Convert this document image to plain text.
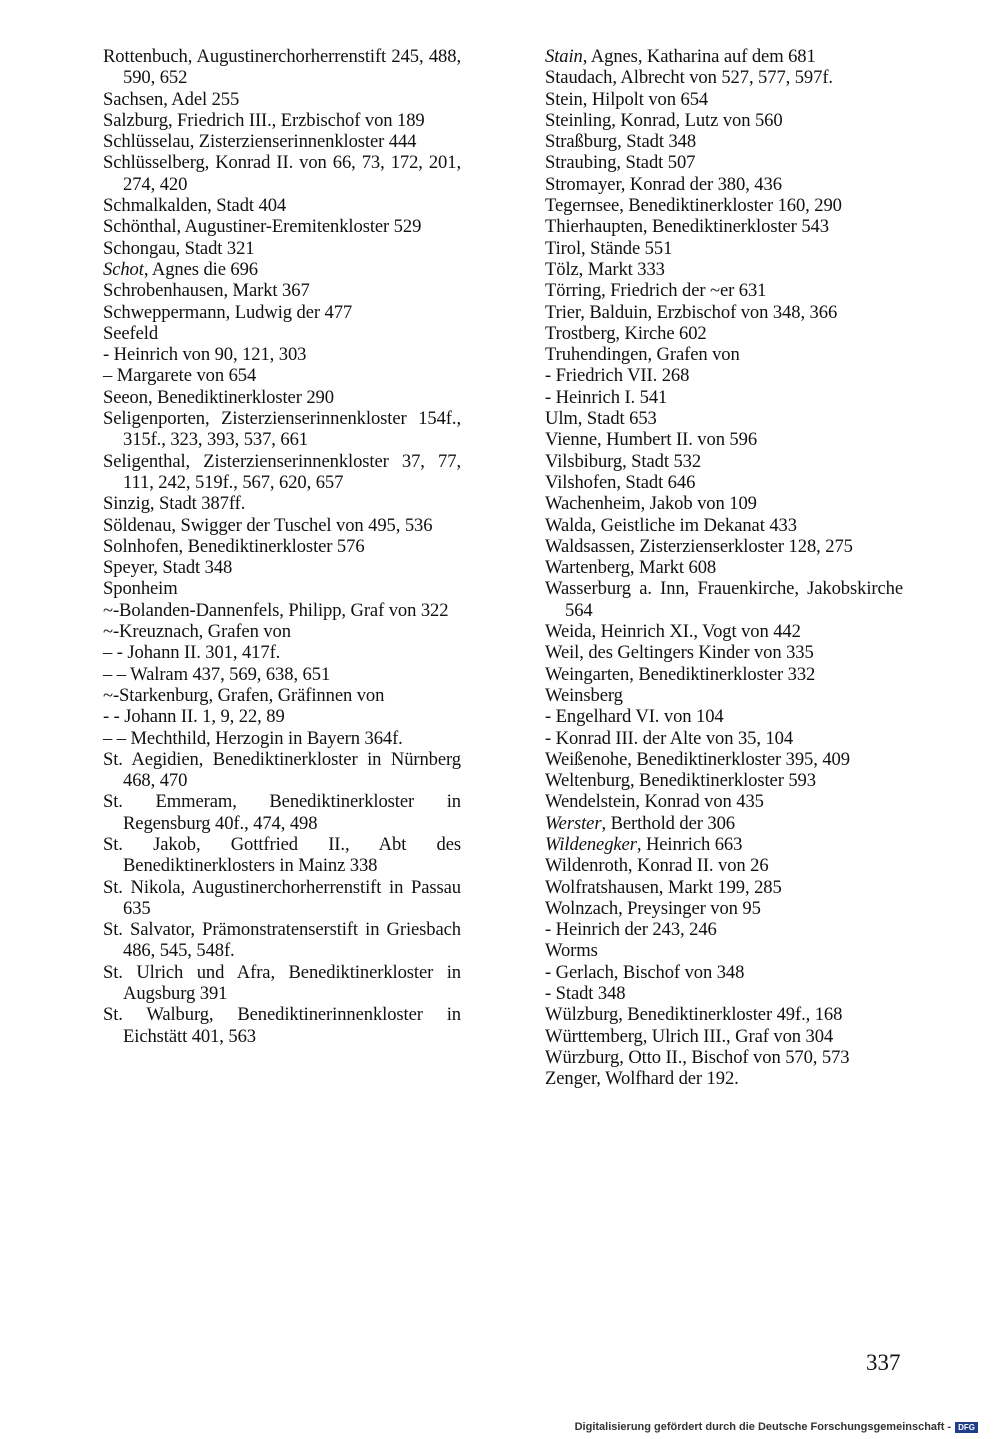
Rottenbuch, Augustinerchorherrenstift 245, 488, 590, 652

Sachsen, Adel 255

Salzburg, Friedrich III., Erzbischof von 189

Schlüsselau, Zisterzienserinnenkloster 444

Schlüsselberg, Konrad II. von 66, 73, 172, 201, 274, 420

Schmalkalden, Stadt 404

Schönthal, Augustiner-Eremitenkloster 529

Schongau, Stadt 321

Schot, Agnes die 696

Schrobenhausen, Markt 367

Schweppermann, Ludwig der 477

Seefeld

- Heinrich von 90, 121, 303

– Margarete von 654

Seeon, Benediktinerkloster 290

Seligenporten, Zisterzienserinnenkloster 154f., 315f., 323, 393, 537, 661

Seligenthal, Zisterzienserinnenkloster 37, 77, 111, 242, 519f., 567, 620, 657

Sinzig, Stadt 387ff.

Söldenau, Swigger der Tuschel von 495, 536

Solnhofen, Benediktinerkloster 576

Speyer, Stadt 348

Sponheim

~-Bolanden-Dannenfels, Philipp, Graf von 322

~-Kreuznach, Grafen von

– - Johann II. 301, 417f.

– – Walram 437, 569, 638, 651

~-Starkenburg, Grafen, Gräfinnen von

- - Johann II. 1, 9, 22, 89

– – Mechthild, Herzogin in Bayern 364f.

St. Aegidien, Benediktinerkloster in Nürnberg 468, 470

St. Emmeram, Benediktinerkloster in Regensburg 40f., 474, 498

St. Jakob, Gottfried II., Abt des Benediktinerklosters in Mainz 338

St. Nikola, Augustinerchorherrenstift in Passau 635

St. Salvator, Prämonstratenserstift in Griesbach 486, 545, 548f.

St. Ulrich und Afra, Benediktinerkloster in Augsburg 391

St. Walburg, Benediktinerinnenkloster in Eichstätt 401, 563

Stain, Agnes, Katharina auf dem 681

Staudach, Albrecht von 527, 577, 597f.

Stein, Hilpolt von 654

Steinling, Konrad, Lutz von 560

Straßburg, Stadt 348

Straubing, Stadt 507

Stromayer, Konrad der 380, 436

Tegernsee, Benediktinerkloster 160, 290

Thierhaupten, Benediktinerkloster 543

Tirol, Stände 551

Tölz, Markt 333

Törring, Friedrich der ~er 631

Trier, Balduin, Erzbischof von 348, 366

Trostberg, Kirche 602

Truhendingen, Grafen von

- Friedrich VII. 268

- Heinrich I. 541

Ulm, Stadt 653

Vienne, Humbert II. von 596

Vilsbiburg, Stadt 532

Vilshofen, Stadt 646

Wachenheim, Jakob von 109

Walda, Geistliche im Dekanat 433

Waldsassen, Zisterzienserkloster 128, 275

Wartenberg, Markt 608

Wasserburg a. Inn, Frauenkirche, Jakobskirche 564

Weida, Heinrich XI., Vogt von 442

Weil, des Geltingers Kinder von 335

Weingarten, Benediktinerkloster 332

Weinsberg

- Engelhard VI. von 104

- Konrad III. der Alte von 35, 104

Weißenohe, Benediktinerkloster 395, 409

Weltenburg, Benediktinerkloster 593

Wendelstein, Konrad von 435

Werster, Berthold der 306

Wildenegker, Heinrich 663

Wildenroth, Konrad II. von 26

Wolfratshausen, Markt 199, 285

Wolnzach, Preysinger von 95

- Heinrich der 243, 246

Worms

- Gerlach, Bischof von 348

- Stadt 348

Wülzburg, Benediktinerkloster 49f., 168

Württemberg, Ulrich III., Graf von 304

Würzburg, Otto II., Bischof von 570, 573

Zenger, Wolfhard der 192.

337
Digitalisierung gefördert durch die Deutsche Forschungsgemeinschaft - DFG
